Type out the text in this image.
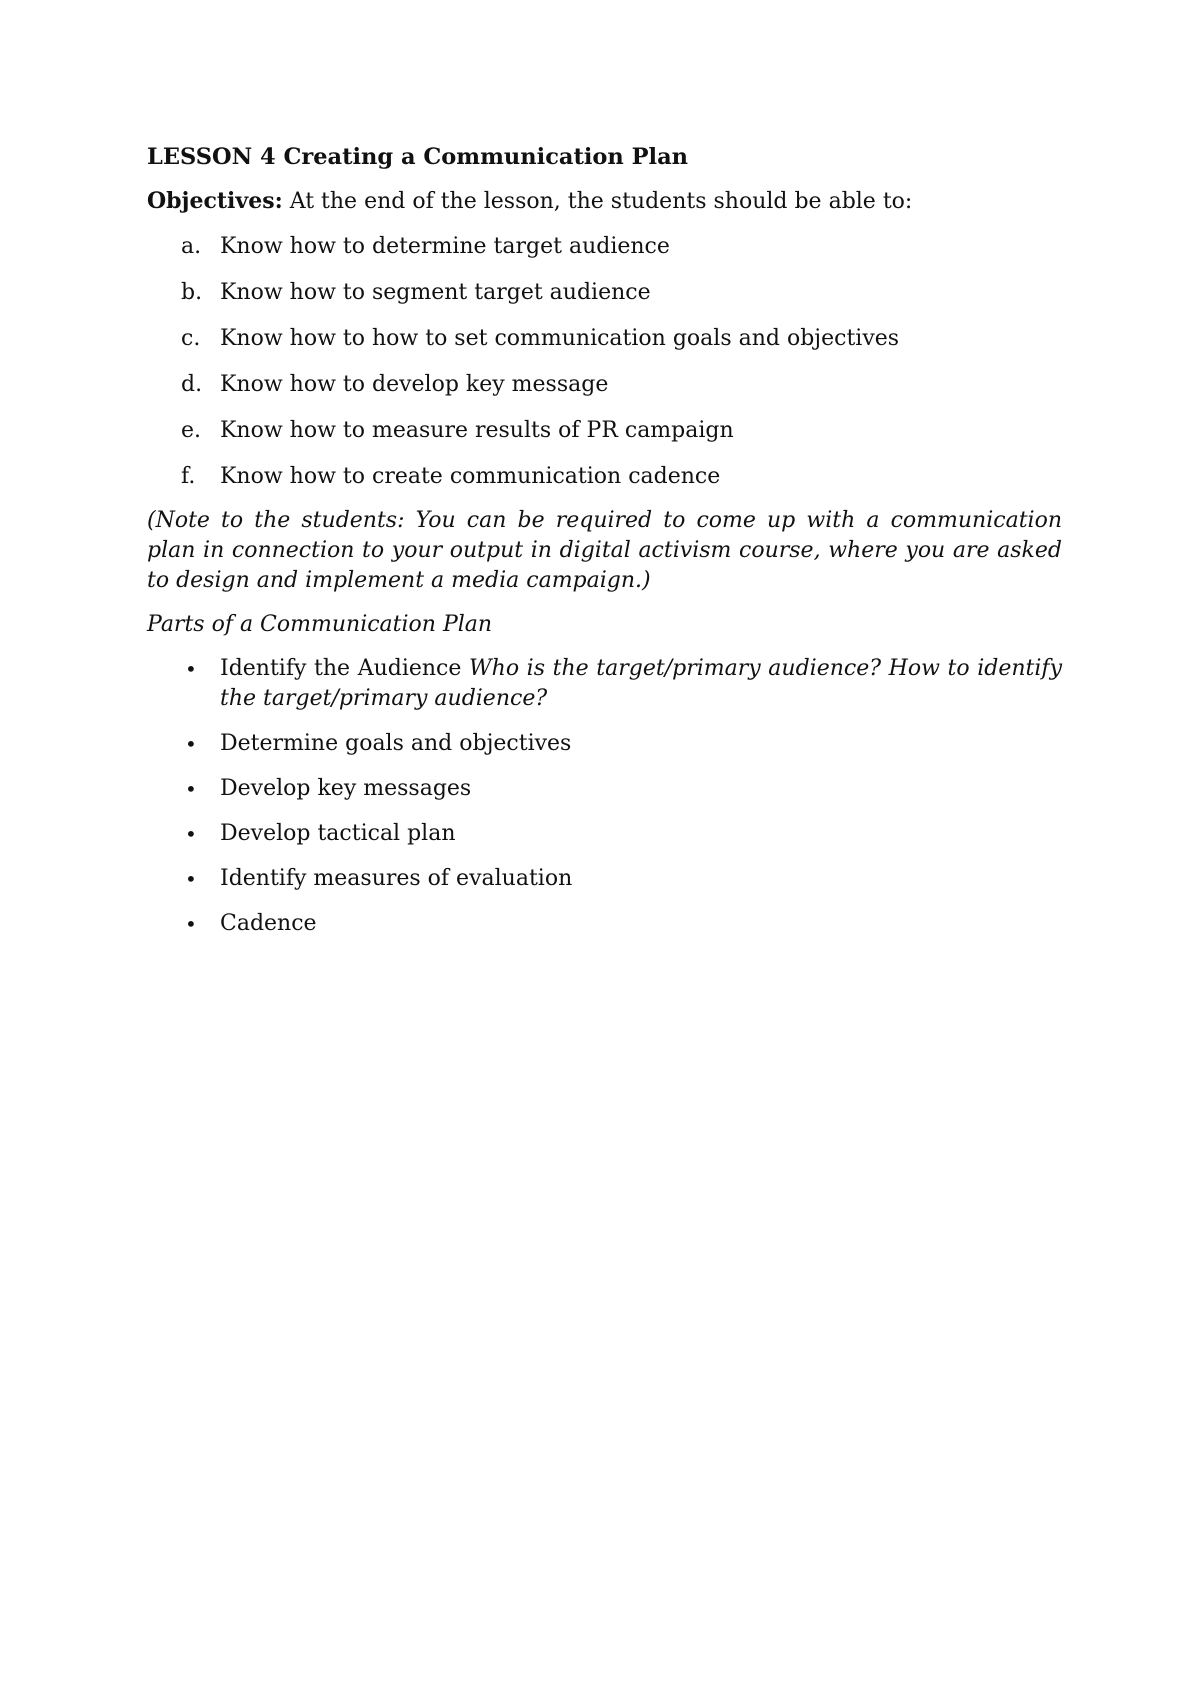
LESSON 4 Creating a Communication Plan
Objectives: At the end of the lesson, the students should be able to:
a. Know how to determine target audience
b. Know how to segment target audience
c. Know how to how to set communication goals and objectives
d. Know how to develop key message
e. Know how to measure results of PR campaign
f. Know how to create communication cadence
(Note to the students: You can be required to come up with a communication plan in connection to your output in digital activism course, where you are asked to design and implement a media campaign.)
Parts of a Communication Plan
• Identify the Audience Who is the target/primary audience? How to identify the target/primary audience?
• Determine goals and objectives
• Develop key messages
• Develop tactical plan
• Identify measures of evaluation
• Cadence
